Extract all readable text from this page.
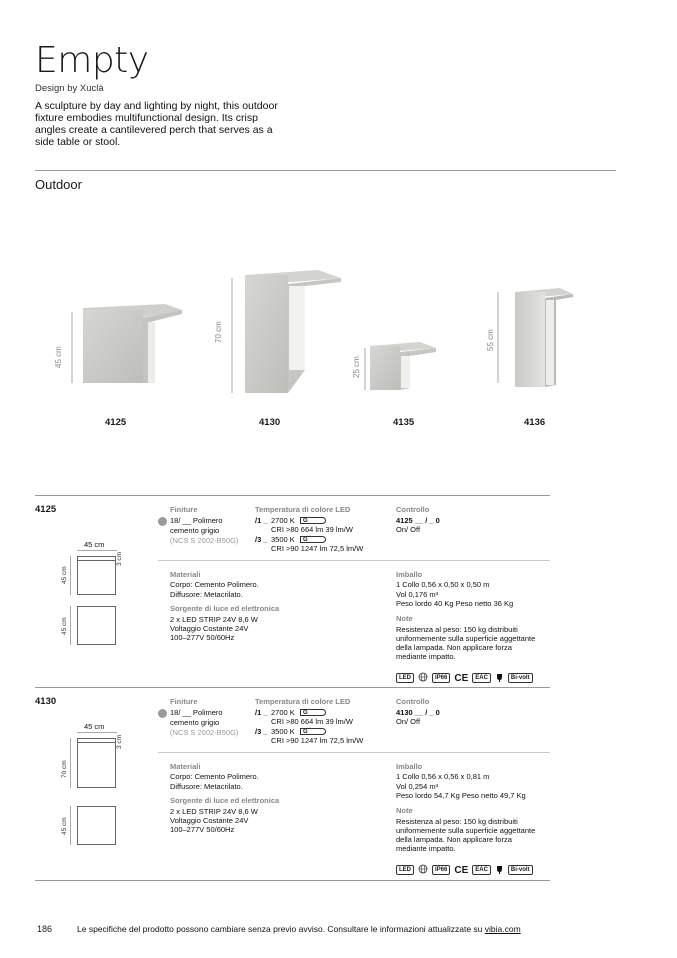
Empty
Design by Xuclà
A sculpture by day and lighting by night, this outdoor fixture embodies multifunctional design. Its crisp angles create a cantilevered perch that serves as a side table or stool.
Outdoor
45 cm
70 cm
25 cm
55 cm
4125	4130	4135	4136
4125
45 cm
3 cm
45 cm
45 cm
Finiture
18/ __ Polimero
cemento grigio
(NCS S 2002-B50G)
Temperatura di colore LED
/1 _ 2700 K	G
CRI >80 664 lm 39 lm/W
/3 _ 3500 K	G
CRI >90 1247 lm 72,5 lm/W
Controllo
4125 __ / _ 0
On/ Off
Materiali
Corpo: Cemento Polimero.
Diffusore: Metacrilato.
Sorgente di luce ed elettronica
2 x LED STRIP 24V 8,6 W
Voltaggio Costante 24V
100–277V 50/60Hz
Imballo
1 Collo 0,56 x 0,50 x 0,50 m
Vol 0,176 m³
Peso lordo 40 Kg Peso netto 36 Kg
Note
Resistenza al peso: 150 kg distribuiti
uniformemente sulla superficie aggettante
della lampada. Non applicare forza
mediante impatto.
LED	IP66 CE	EAC	Bi-volt
4130
45 cm
3 cm
70 cm
45 cm
Finiture
18/ __ Polimero
cemento grigio
(NCS S 2002-B50G)
Temperatura di colore LED
/1 _ 2700 K	G
CRI >80 664 lm 39 lm/W
/3 _ 3500 K	G
CRI >90 1247 lm 72,5 lm/W
Controllo
4130 __ / _ 0
On/ Off
Materiali
Corpo: Cemento Polimero.
Diffusore: Metacrilato.
Sorgente di luce ed elettronica
2 x LED STRIP 24V 8,6 W
Voltaggio Costante 24V
100–277V 50/60Hz
Imballo
1 Collo 0,56 x 0,56 x 0,81 m
Vol 0,254 m³
Peso lordo 54,7 Kg Peso netto 49,7 Kg
Note
Resistenza al peso: 150 kg distribuiti
uniformemente sulla superficie aggettante
della lampada. Non applicare forza
mediante impatto.
LED	IP66 CE	EAC	Bi-volt
186	Le specifiche del prodotto possono cambiare senza previo avviso. Consultare le informazioni attualizzate su vibia.com
